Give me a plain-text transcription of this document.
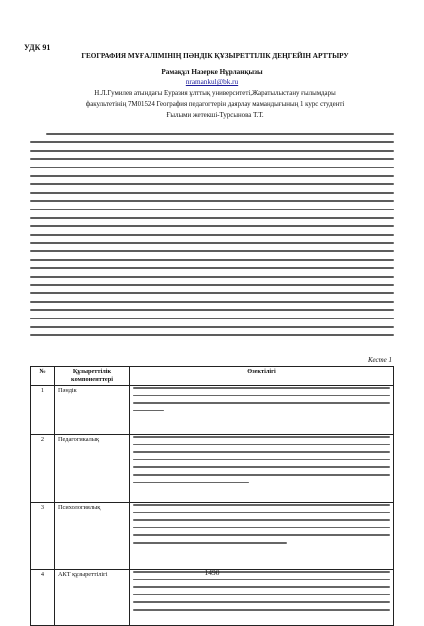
УДК 91
ГЕОГРАФИЯ МҰҒАЛІМІНІҢ ПӘНДІК ҚҰЗЫРЕТТІЛІК ДЕҢГЕЙІН АРТТЫРУ
Рамақұл Назерке Нұрланқызы
nramankul@bk.ru
Н.Л.Гумилев атындағы Еуразия ұлттық университеті,Жаратылыстану ғылымдары
факультетінің 7М01524 География педагогтерін даярлау мамандығының 1 курс студенті
Ғылыми жетекші-Турсынова Т.Т.
Кесте 1
№	Құзыреттілік компоненттері	Өзектілігі
1	Пәндік	

2	Педагогикалық	

3	Психологиялық	

4	АКТ құзыреттілігі		1490
